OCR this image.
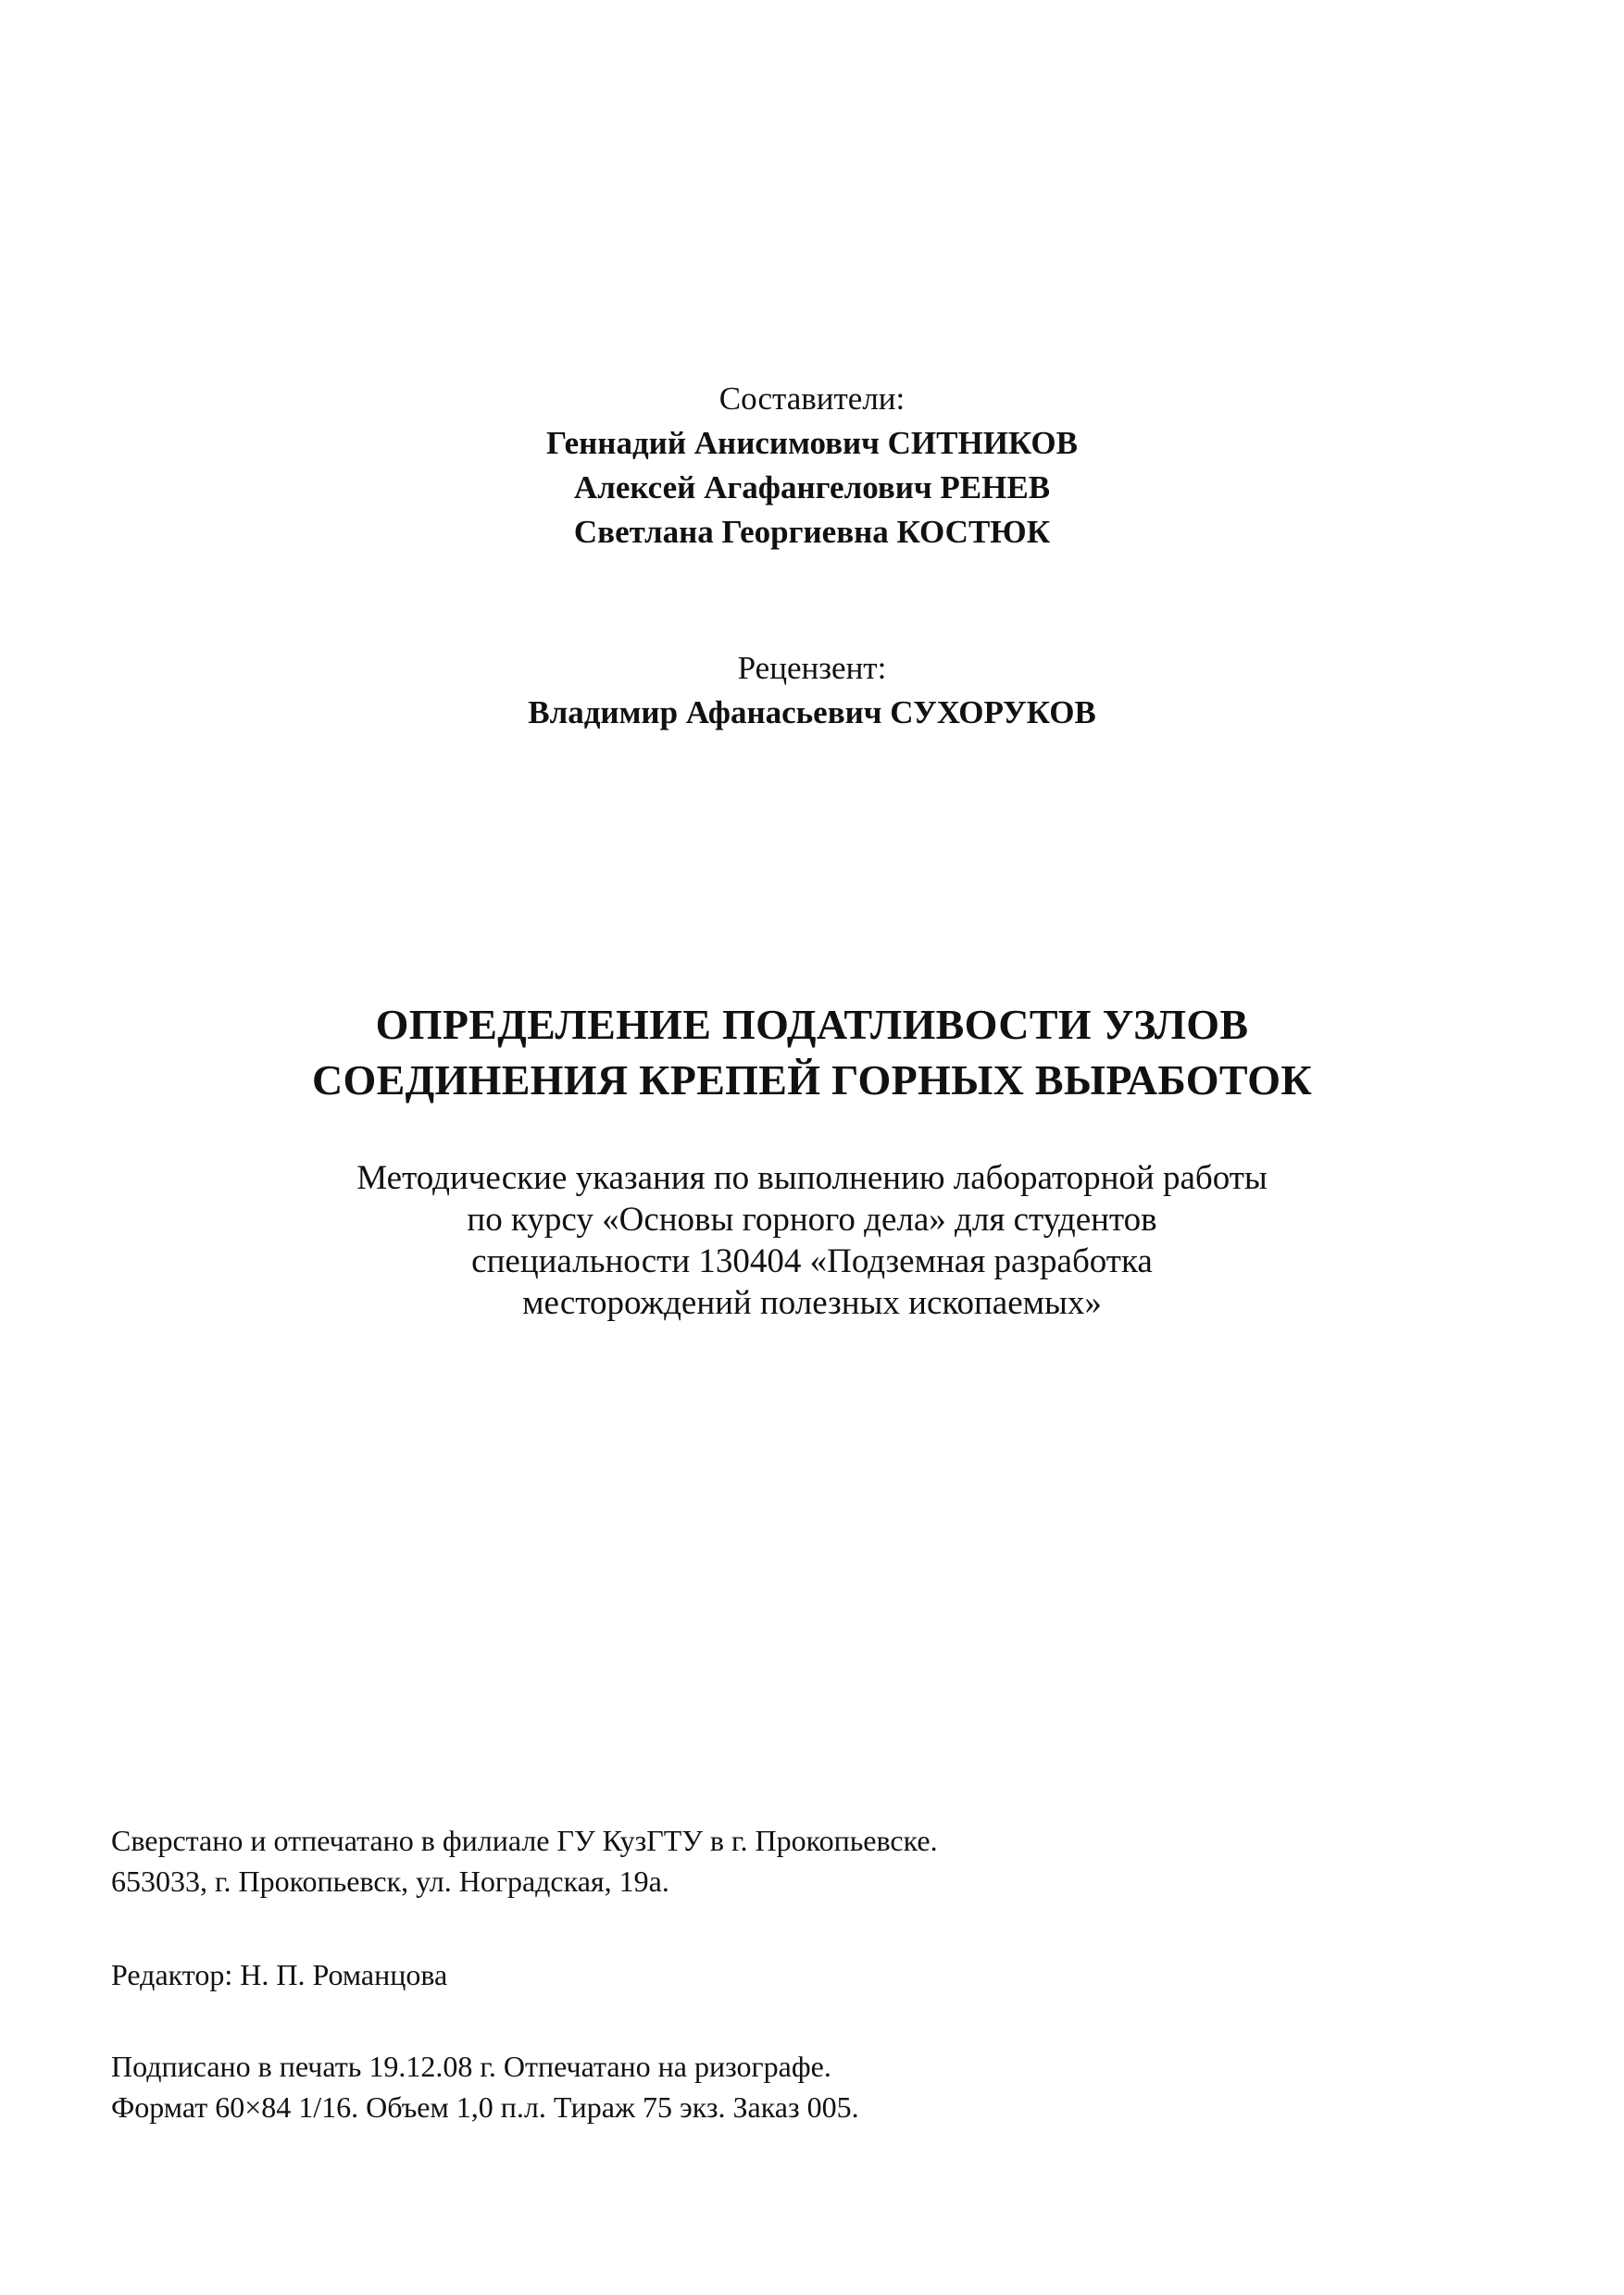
Составители:
Геннадий Анисимович СИТНИКОВ
Алексей Агафангелович РЕНЕВ
Светлана Георгиевна КОСТЮК
Рецензент:
Владимир Афанасьевич СУХОРУКОВ
ОПРЕДЕЛЕНИЕ ПОДАТЛИВОСТИ УЗЛОВ
СОЕДИНЕНИЯ КРЕПЕЙ ГОРНЫХ ВЫРАБОТОК
Методические указания по выполнению лабораторной работы
по курсу «Основы горного дела» для студентов
специальности 130404 «Подземная разработка
месторождений полезных ископаемых»
Сверстано и отпечатано в филиале ГУ КузГТУ в г. Прокопьевске.
653033, г. Прокопьевск, ул. Ноградская, 19а.
Редактор: Н. П. Романцова
Подписано в печать 19.12.08 г. Отпечатано на ризографе.
Формат 60×84 1/16. Объем 1,0 п.л. Тираж 75 экз. Заказ 005.
